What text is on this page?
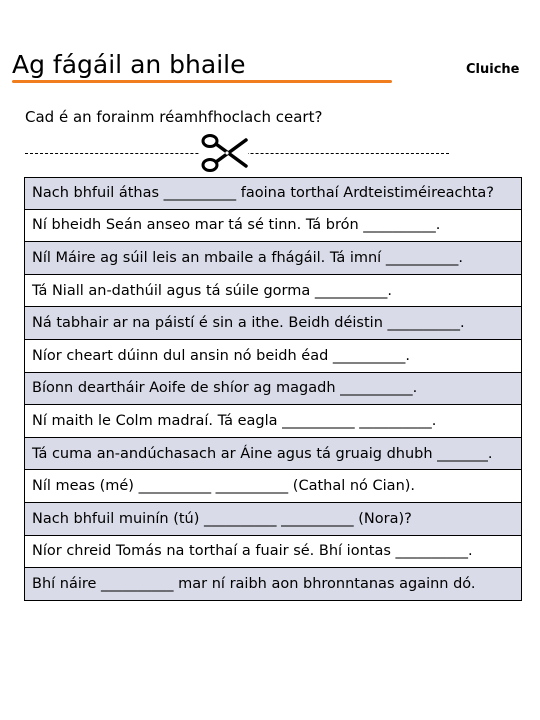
Ag fágáil an bhaile	Cluiche
Cad é an forainm réamhfhoclach ceart?
Nach bhfuil áthas __________ faoina torthaí Ardteistiméireachta?
Ní bheidh Seán anseo mar tá sé tinn. Tá brón __________.
Níl Máire ag súil leis an mbaile a fhágáil. Tá imní __________.
Tá Niall an-dathúil agus tá súile gorma __________.
Ná tabhair ar na páistí é sin a ithe. Beidh déistin __________.
Níor cheart dúinn dul ansin nó beidh éad __________.
Bíonn deartháir Aoife de shíor ag magadh __________.
Ní maith le Colm madraí. Tá eagla __________ __________.
Tá cuma an-andúchasach ar Áine agus tá gruaig dhubh _______.
Níl meas (mé) __________ __________ (Cathal nó Cian).
Nach bhfuil muinín (tú) __________ __________ (Nora)?
Níor chreid Tomás na torthaí a fuair sé. Bhí iontas __________.
Bhí náire __________ mar ní raibh aon bhronntanas againn dó.
